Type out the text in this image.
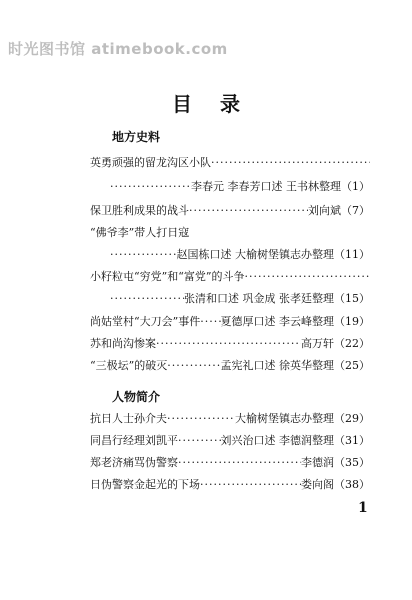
时光图书馆 atimebook.com
目录
地方史料
英勇顽强的留龙沟区小队
·····
·····
李春元 李春芳口述 王书林整理 （1）
保卫胜利成果的战斗 ·····	刘向斌 （7）
“佛爷李”带人打日寇
·····
赵国栋口述 大榆树堡镇志办整理 （11）
小籽粒屯“穷党”和“富党”的斗争
·····
·····
张清和口述 巩金成 张孝廷整理 （15）
尚姑堂村“大刀会”事件 ····· 夏德厚口述 李云峰整理 （19）
苏和尚沟惨案 ·····	高万轩 （22）
“三极坛”的破灭 ·····	孟宪礼口述 徐英华整理 （25）
人物简介
抗日人士孙介夫 ·····	大榆树堡镇志办整理 （29）
同昌行经理刘凯平 ·····	刘兴治口述 李德润整理 （31）
郑老济痛骂伪警察 ·····	李德润 （35）
日伪警察金起光的下场 ·····	娄向阁 （38）
1
